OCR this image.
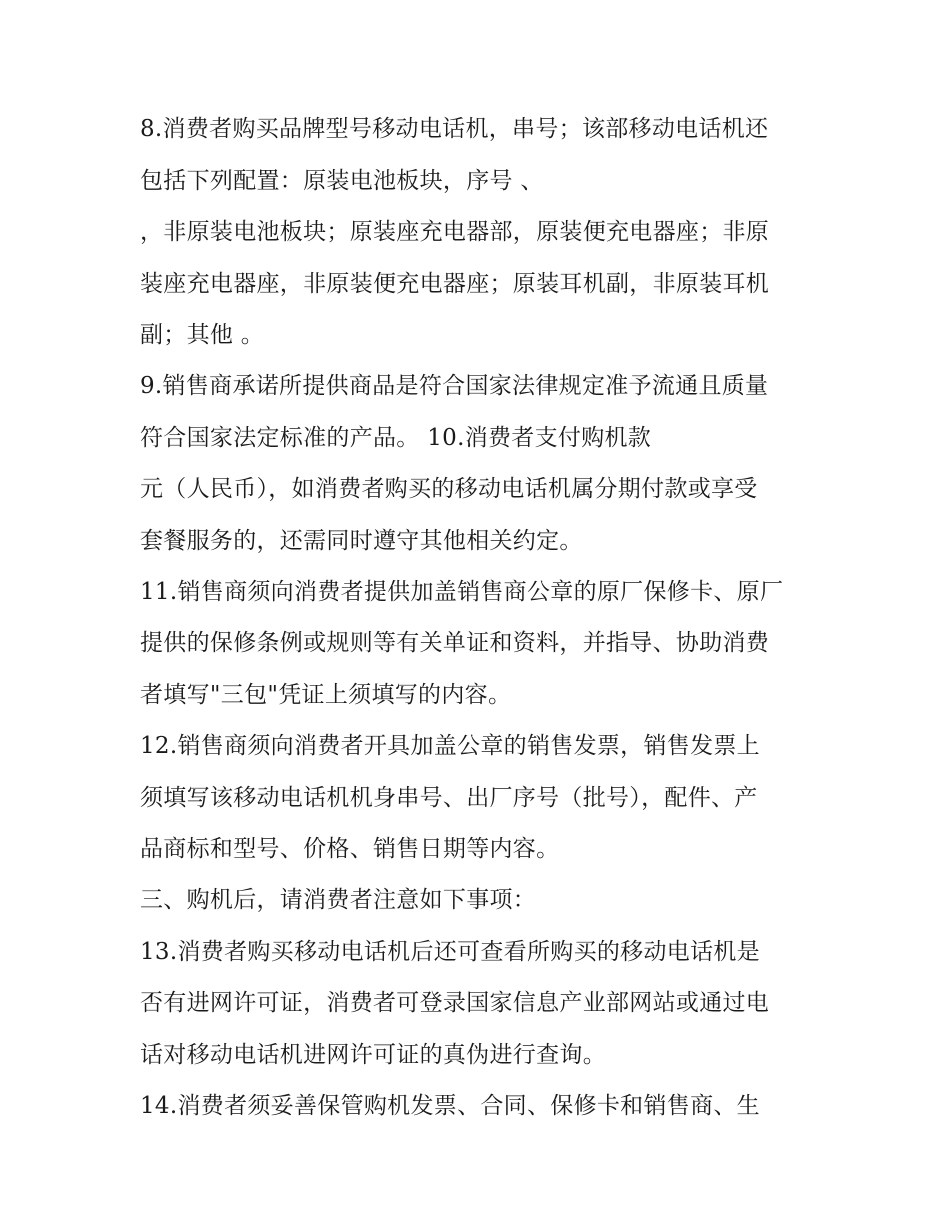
8.消费者购买品牌型号移动电话机，串号；该部移动电话机还
包括下列配置：原装电池板块，序号 、
，非原装电池板块；原装座充电器部，原装便充电器座；非原
装座充电器座，非原装便充电器座；原装耳机副，非原装耳机
副；其他 。
9.销售商承诺所提供商品是符合国家法律规定准予流通且质量
符合国家法定标准的产品。 10.消费者支付购机款
元（人民币），如消费者购买的移动电话机属分期付款或享受
套餐服务的，还需同时遵守其他相关约定。
11.销售商须向消费者提供加盖销售商公章的原厂保修卡、原厂
提供的保修条例或规则等有关单证和资料，并指导、协助消费
者填写"三包"凭证上须填写的内容。
12.销售商须向消费者开具加盖公章的销售发票，销售发票上
须填写该移动电话机机身串号、出厂序号（批号），配件、产
品商标和型号、价格、销售日期等内容。
三、购机后，请消费者注意如下事项：
13.消费者购买移动电话机后还可查看所购买的移动电话机是
否有进网许可证，消费者可登录国家信息产业部网站或通过电
话对移动电话机进网许可证的真伪进行查询。
14.消费者须妥善保管购机发票、合同、保修卡和销售商、生
